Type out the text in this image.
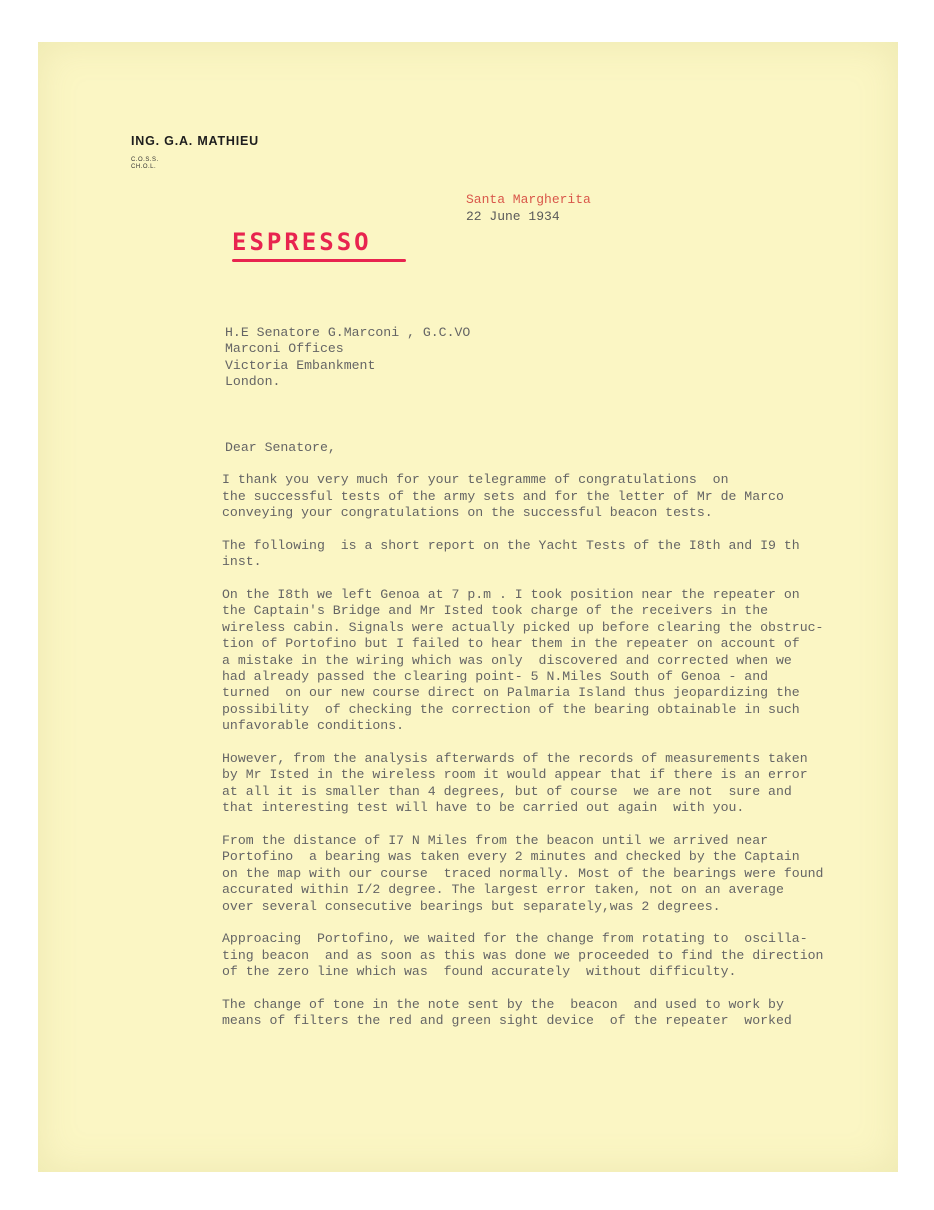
ING. G.A. MATHIEU
C.O.S.S.
CH.O.L.
Santa Margherita
22 June 1934
ESPRESSO
H.E Senatore G.Marconi , G.C.VO
Marconi Offices
Victoria Embankment
London.
Dear Senatore,
I thank you very much for your telegramme of congratulations  on
the successful tests of the army sets and for the letter of Mr de Marco
conveying your congratulations on the successful beacon tests.
The following  is a short report on the Yacht Tests of the I8th and I9 th
inst.
On the I8th we left Genoa at 7 p.m . I took position near the repeater on
the Captain's Bridge and Mr Isted took charge of the receivers in the
wireless cabin. Signals were actually picked up before clearing the obstruc-
tion of Portofino but I failed to hear them in the repeater on account of
a mistake in the wiring which was only  discovered and corrected when we
had already passed the clearing point- 5 N.Miles South of Genoa - and
turned  on our new course direct on Palmaria Island thus jeopardizing the
possibility  of checking the correction of the bearing obtainable in such
unfavorable conditions.
However, from the analysis afterwards of the records of measurements taken
by Mr Isted in the wireless room it would appear that if there is an error
at all it is smaller than 4 degrees, but of course  we are not  sure and
that interesting test will have to be carried out again  with you.
From the distance of I7 N Miles from the beacon until we arrived near
Portofino  a bearing was taken every 2 minutes and checked by the Captain
on the map with our course  traced normally. Most of the bearings were found
accurated within I/2 degree. The largest error taken, not on an average
over several consecutive bearings but separately,was 2 degrees.
Approacing  Portofino, we waited for the change from rotating to  oscilla-
ting beacon  and as soon as this was done we proceeded to find the direction
of the zero line which was  found accurately  without difficulty.
The change of tone in the note sent by the  beacon  and used to work by
means of filters the red and green sight device  of the repeater  worked
